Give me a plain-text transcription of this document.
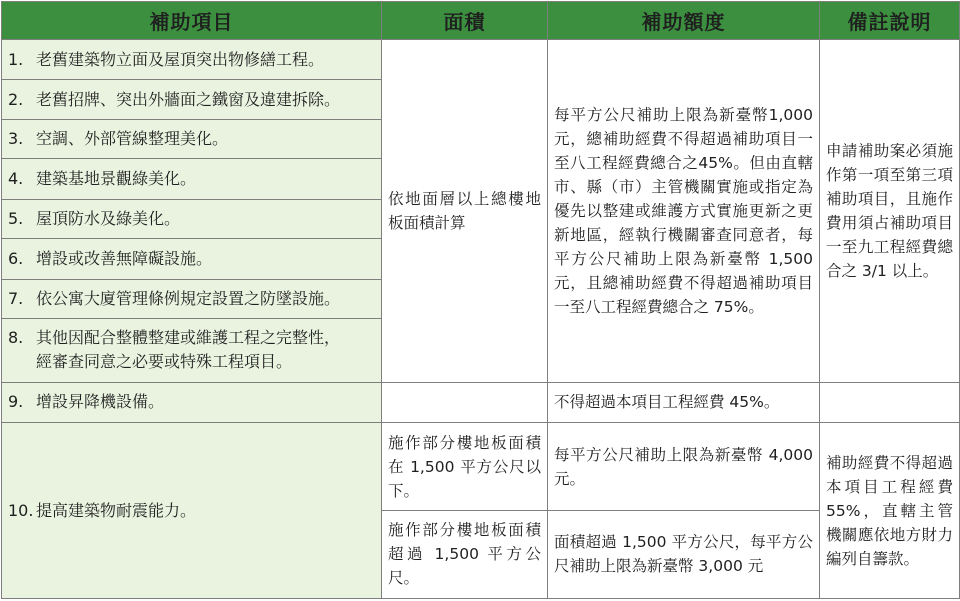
補助項目	面積	補助額度	備註說明
1. 老舊建築物立面及屋頂突出物修繕工程。	依地面層以上總樓地板面積計算	每平方公尺補助上限為新臺幣1,000 元，總補助經費不得超過補助項目一至八工程經費總合之45%。但由直轄市、縣（市）主管機關實施或指定為優先以整建或維護方式實施更新之更新地區，經執行機關審查同意者，每平方公尺補助上限為新臺幣 1,500 元，且總補助經費不得超過補助項目一至八工程經費總合之 75%。	申請補助案必須施作第一項至第三項補助項目，且施作費用須占補助項目一至九工程經費總合之 3/1 以上。
2. 老舊招牌、突出外牆面之鐵窗及違建拆除。			
3. 空調、外部管線整理美化。			
4. 建築基地景觀綠美化。			
5. 屋頂防水及綠美化。			
6. 增設或改善無障礙設施。			
7. 依公寓大廈管理條例規定設置之防墜設施。			
8. 其他因配合整體整建或維護工程之完整性，
經審查同意之必要或特殊工程項目。			

9. 增設昇降機設備。		不得超過本項目工程經費 45%。	
10. 提高建築物耐震能力。	施作部分樓地板面積在 1,500 平方公尺以下。	每平方公尺補助上限為新臺幣 4,000 元。	補助經費不得超過本項目工程經費 55%，直轄主管機關應依地方財力編列自籌款。
	施作部分樓地板面積超過 1,500 平方公尺。	面積超過 1,500 平方公尺，每平方公尺補助上限為新臺幣 3,000 元	
